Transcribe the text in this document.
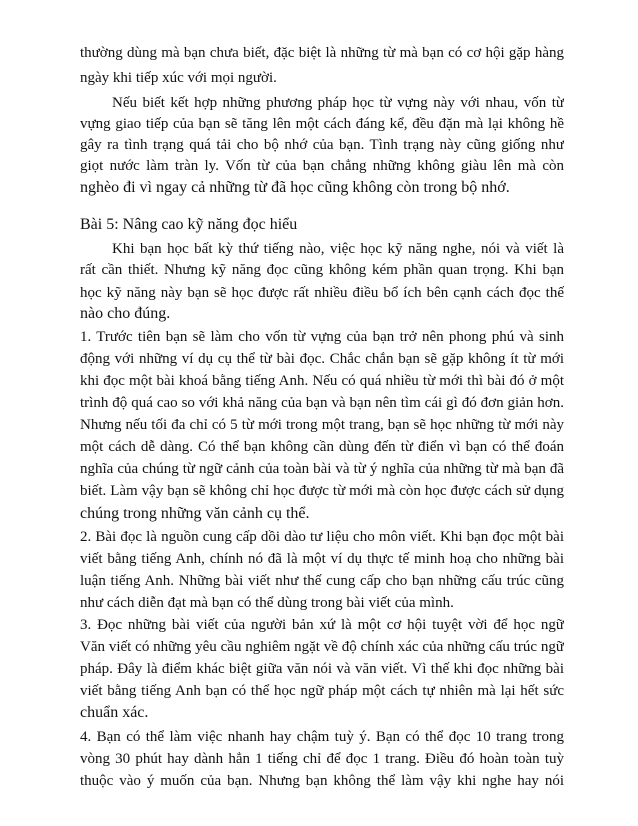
thường dùng mà bạn chưa biết, đặc biệt là những từ mà bạn có cơ hội gặp hàng
ngày khi tiếp xúc với mọi người.
Nếu biết kết hợp những phương pháp học từ vựng này với nhau, vốn từ
vựng giao tiếp của bạn sẽ tăng lên một cách đáng kể, đều đặn mà lại không hề
gây ra tình trạng quá tải cho bộ nhớ của bạn. Tình trạng này cũng giống như
giọt nước làm tràn ly. Vốn từ của bạn chẳng những không giàu lên mà còn
nghèo đi vì ngay cả những từ đã học cũng không còn trong bộ nhớ.
Bài 5: Nâng cao kỹ năng đọc hiểu
Khi bạn học bất kỳ thứ tiếng nào, việc học kỹ năng nghe, nói và viết là
rất cần thiết. Nhưng kỹ năng đọc cũng không kém phần quan trọng. Khi bạn
học kỹ năng này bạn sẽ học được rất nhiều điều bổ ích bên cạnh cách đọc thế
nào cho đúng.
1. Trước tiên bạn sẽ làm cho vốn từ vựng của bạn trở nên phong phú và sinh
động với những ví dụ cụ thể từ bài đọc. Chắc chắn bạn sẽ gặp không ít từ mới
khi đọc một bài khoá bằng tiếng Anh. Nếu có quá nhiều từ mới thì bài đó ở một
trình độ quá cao so với khả năng của bạn và bạn nên tìm cái gì đó đơn giản hơn.
Nhưng nếu tối đa chỉ có 5 từ mới trong một trang, bạn sẽ học những từ mới này
một cách dễ dàng. Có thể bạn không cần dùng đến từ điển vì bạn có thể đoán
nghĩa của chúng từ ngữ cảnh của toàn bài và từ ý nghĩa của những từ mà bạn đã
biết. Làm vậy bạn sẽ không chỉ học được từ mới mà còn học được cách sử dụng
chúng trong những văn cảnh cụ thể.
2. Bài đọc là nguồn cung cấp dồi dào tư liệu cho môn viết. Khi bạn đọc một bài
viết bằng tiếng Anh, chính nó đã là một ví dụ thực tế minh hoạ cho những bài
luận tiếng Anh. Những bài viết như thế cung cấp cho bạn những cấu trúc cũng
như cách diễn đạt mà bạn có thể dùng trong bài viết của mình.
3. Đọc những bài viết của người bản xứ là một cơ hội tuyệt vời để học ngữ
Văn viết có những yêu cầu nghiêm ngặt về độ chính xác của những cấu trúc ngữ
pháp. Đây là điểm khác biệt giữa văn nói và văn viết. Vì thế khi đọc những bài
viết bằng tiếng Anh bạn có thể học ngữ pháp một cách tự nhiên mà lại hết sức
chuẩn xác.
4. Bạn có thể làm việc nhanh hay chậm tuỳ ý. Bạn có thể đọc 10 trang trong
vòng 30 phút hay dành hẳn 1 tiếng chỉ để đọc 1 trang. Điều đó hoàn toàn tuỳ
thuộc vào ý muốn của bạn. Nhưng bạn không thể làm vậy khi nghe hay nói
